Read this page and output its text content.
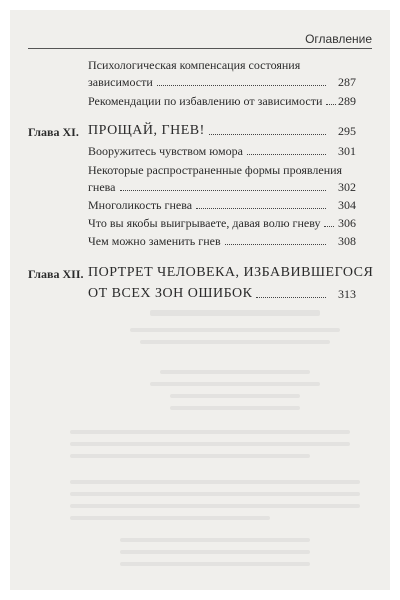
Оглавление
Психологическая компенсация состояния
зависимости	287
Рекомендации по избавлению от зависимости	289
Глава XI. ПРОЩАЙ, ГНЕВ!	295
Вооружитесь чувством юмора	301
Некоторые распространенные формы проявления
гнева	302
Многоликость гнева	304
Что вы якобы выигрываете, давая волю гневу	306
Чем можно заменить гнев	308
Глава XII. ПОРТРЕТ ЧЕЛОВЕКА, ИЗБАВИВШЕГОСЯ
ОТ ВСЕХ ЗОН ОШИБОК	313
